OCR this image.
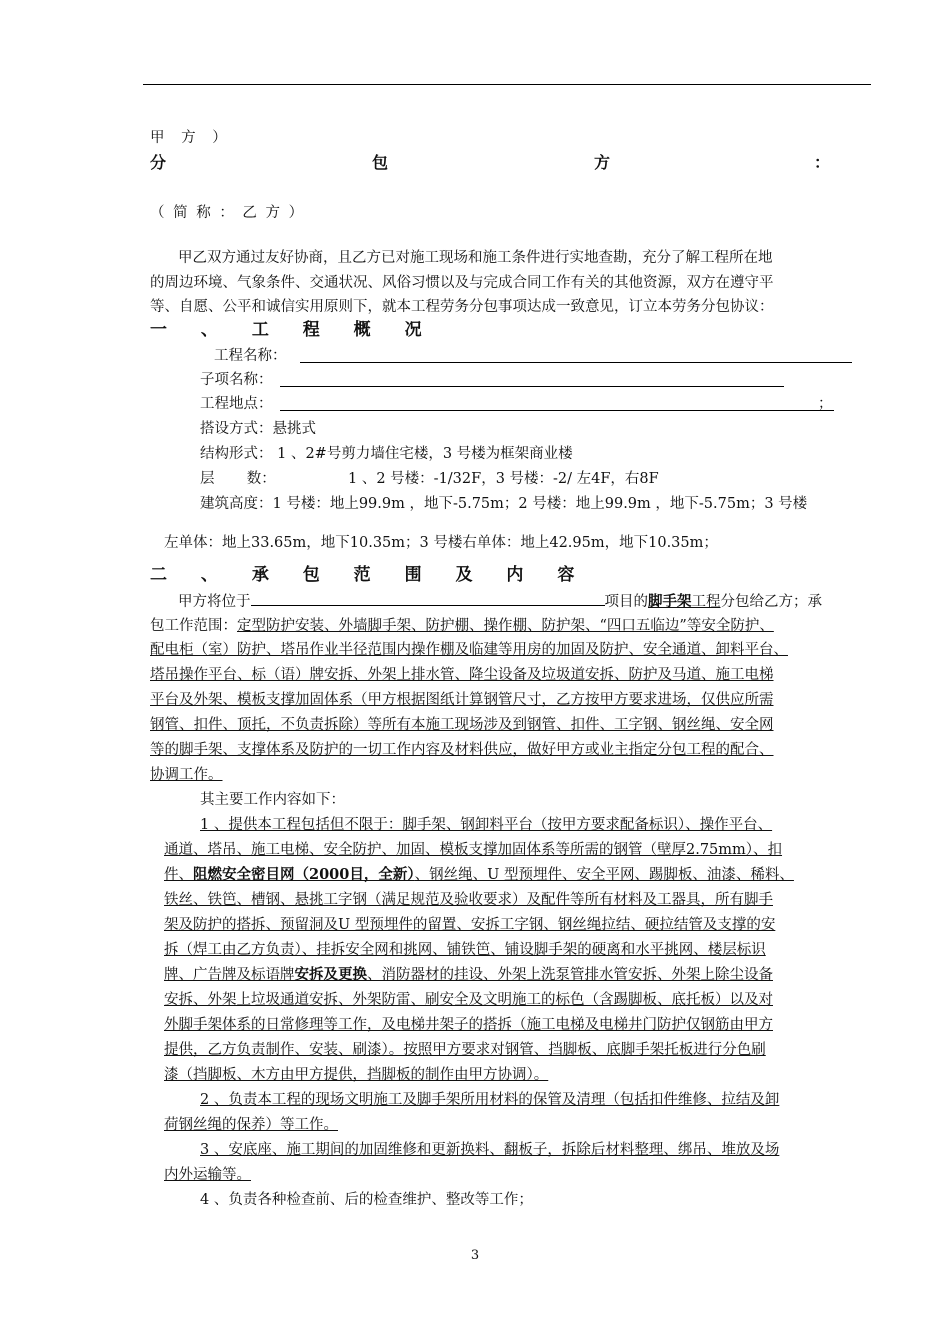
甲 方 ）
分	包	方	：
（ 简 称 ： 乙 方 ）
甲乙双方通过友好协商，且乙方已对施工现场和施工条件进行实地查勘，充分了解工程所在地
的周边环境、气象条件、交通状况、风俗习惯以及与完成合同工作有关的其他资源，双方在遵守平
等、自愿、公平和诚信实用原则下，就本工程劳务分包事项达成一致意见，订立本劳务分包协议：
一 、 工 程 概 况
工程名称：
子项名称：
工程地点：	；
搭设方式：悬挑式
结构形式： 1 、2#号剪力墙住宅楼，3 号楼为框架商业楼
层       数：	1 、2 号楼：-1/32F，3 号楼：-2/ 左4F，右8F
建筑高度：1 号楼：地上99.9m ，地下-5.75m；2 号楼：地上99.9m ，地下-5.75m；3 号楼
左单体：地上33.65m，地下10.35m；3 号楼右单体：地上42.95m，地下10.35m；
二 、 承 包 范 围 及 内 容
甲方将位于	项目的脚手架工程分包给乙方；承
包工作范围：定型防护安装、外墙脚手架、防护棚、操作棚、防护架、“四口五临边”等安全防护、
配电柜（室）防护、塔吊作业半径范围内操作棚及临建等用房的加固及防护、安全通道、卸料平台、
塔吊操作平台、标（语）牌安拆、外架上排水管、降尘设备及垃圾道安拆、防护及马道、施工电梯
平台及外架、模板支撑加固体系（甲方根据图纸计算钢管尺寸，乙方按甲方要求进场，仅供应所需
钢管、扣件、顶托，不负责拆除）等所有本施工现场涉及到钢管、扣件、工字钢、钢丝绳、安全网
等的脚手架、支撑体系及防护的一切工作内容及材料供应，做好甲方或业主指定分包工程的配合、
协调工作。
其主要工作内容如下：
1 、提供本工程包括但不限于：脚手架、钢卸料平台（按甲方要求配备标识）、操作平台、
通道、塔吊、施工电梯、安全防护、加固、模板支撑加固体系等所需的钢管（壁厚2.75mm）、扣
件、阻燃安全密目网（2000目，全新）、钢丝绳、U 型预埋件、安全平网、踢脚板、油漆、稀料、
铁丝、铁笆、槽钢、悬挑工字钢（满足规范及验收要求）及配件等所有材料及工器具，所有脚手
架及防护的搭拆、预留洞及U 型预埋件的留置、安拆工字钢、钢丝绳拉结、硬拉结管及支撑的安
拆（焊工由乙方负责）、挂拆安全网和挑网、铺铁笆、铺设脚手架的硬离和水平挑网、楼层标识
牌、广告牌及标语牌安拆及更换、消防器材的挂设、外架上洗泵管排水管安拆、外架上除尘设备
安拆、外架上垃圾通道安拆、外架防雷、刷安全及文明施工的标色（含踢脚板、底托板）以及对
外脚手架体系的日常修理等工作，及电梯井架子的搭拆（施工电梯及电梯井门防护仅钢筋由甲方
提供，乙方负责制作、安装、刷漆）。按照甲方要求对钢管、挡脚板、底脚手架托板进行分色刷
漆（挡脚板、木方由甲方提供，挡脚板的制作由甲方协调）。
2 、负责本工程的现场文明施工及脚手架所用材料的保管及清理（包括扣件维修、拉结及卸
荷钢丝绳的保养）等工作。
3 、安底座、施工期间的加固维修和更新换料、翻板子，拆除后材料整理、绑吊、堆放及场
内外运输等。
4 、负责各种检查前、后的检查维护、整改等工作；
3
